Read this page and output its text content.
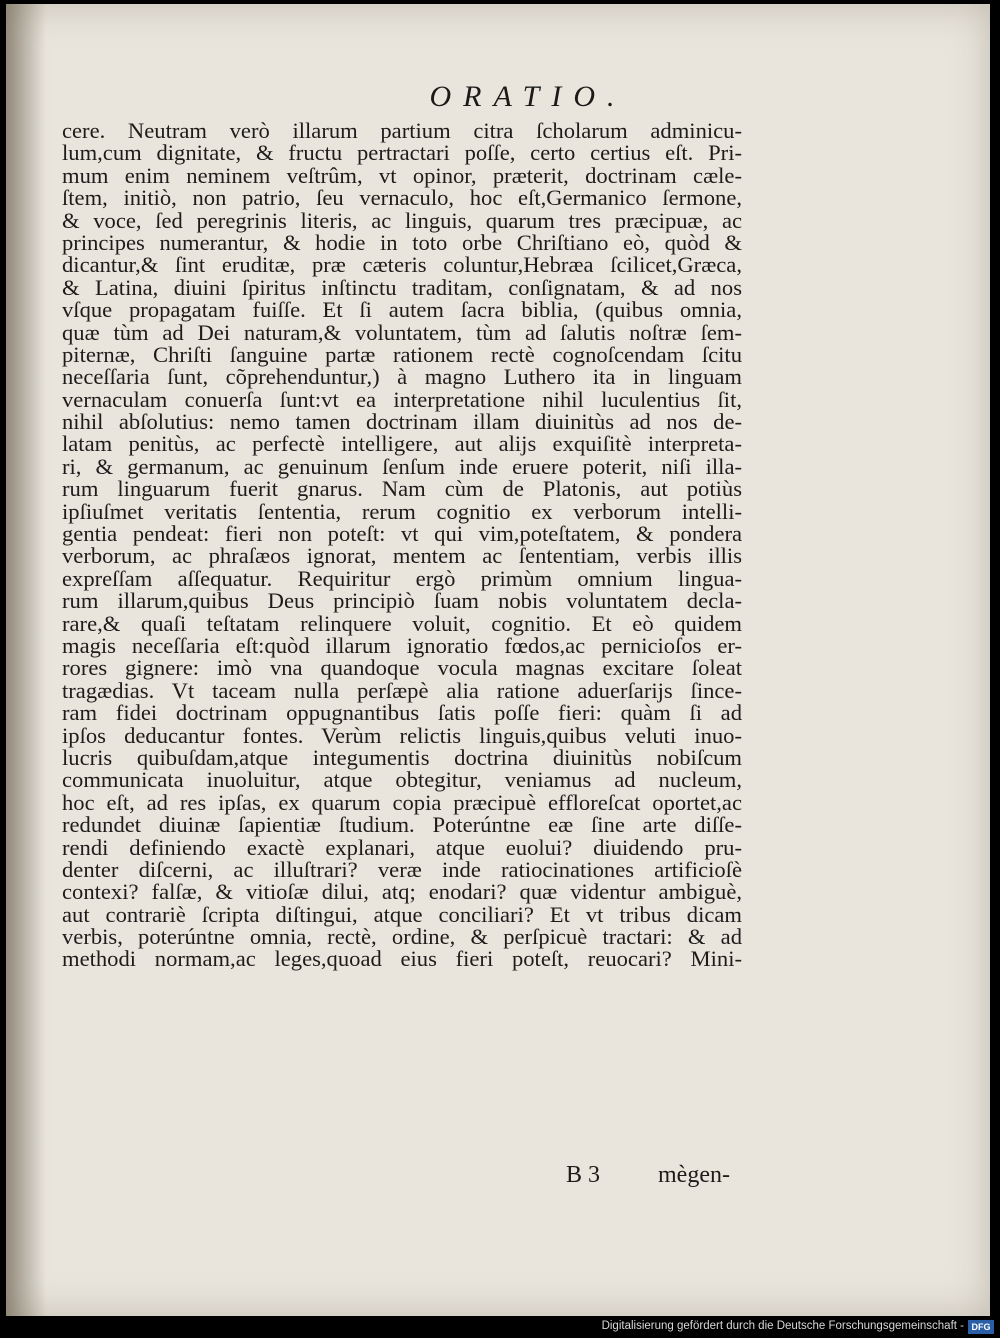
ORATIO.
cere. Neutram verò illarum partium citra ſcholarum adminicu-
lum,cum dignitate, & fructu pertractari poſſe, certo certius eſt. Pri-
mum enim neminem veſtrûm, vt opinor, præterit, doctrinam cæle-
ſtem, initiò, non patrio, ſeu vernaculo, hoc eſt,Germanico ſermone,
& voce, ſed peregrinis literis, ac linguis, quarum tres præcipuæ, ac
principes numerantur, & hodie in toto orbe Chriſtiano eò, quòd &
dicantur,& ſint eruditæ, præ cæteris coluntur,Hebræa ſcilicet,Græca,
& Latina, diuini ſpiritus inſtinctu traditam, conſignatam, & ad nos
vſque propagatam fuiſſe. Et ſi autem ſacra biblia, (quibus omnia,
quæ tùm ad Dei naturam,& voluntatem, tùm ad ſalutis noſtræ ſem-
piternæ, Chriſti ſanguine partæ rationem rectè cognoſcendam ſcitu
neceſſaria ſunt, cõprehenduntur,) à magno Luthero ita in linguam
vernaculam conuerſa ſunt:vt ea interpretatione nihil luculentius ſit,
nihil abſolutius: nemo tamen doctrinam illam diuinitùs ad nos de-
latam penitùs, ac perfectè intelligere, aut alijs exquiſitè interpreta-
ri, & germanum, ac genuinum ſenſum inde eruere poterit, niſi illa-
rum linguarum fuerit gnarus. Nam cùm de Platonis, aut potiùs
ipſiuſmet veritatis ſententia, rerum cognitio ex verborum intelli-
gentia pendeat: fieri non poteſt: vt qui vim,poteſtatem, & pondera
verborum, ac phraſæos ignorat, mentem ac ſententiam, verbis illis
expreſſam aſſequatur. Requiritur ergò primùm omnium lingua-
rum illarum,quibus Deus principiò ſuam nobis voluntatem decla-
rare,& quaſi teſtatam relinquere voluit, cognitio. Et eò quidem
magis neceſſaria eſt:quòd illarum ignoratio fœdos,ac pernicioſos er-
rores gignere: imò vna quandoque vocula magnas excitare ſoleat
tragædias. Vt taceam nulla perſæpè alia ratione aduerſarijs ſince-
ram fidei doctrinam oppugnantibus ſatis poſſe fieri: quàm ſi ad
ipſos deducantur fontes. Verùm relictis linguis,quibus veluti inuo-
lucris quibuſdam,atque integumentis doctrina diuinitùs nobiſcum
communicata inuoluitur, atque obtegitur, veniamus ad nucleum,
hoc eſt, ad res ipſas, ex quarum copia præcipuè effloreſcat oportet,ac
redundet diuinæ ſapientiæ ſtudium. Poterúntne eæ ſine arte diſſe-
rendi definiendo exactè explanari, atque euolui? diuidendo pru-
denter diſcerni, ac illuſtrari? veræ inde ratiocinationes artificioſè
contexi? falſæ, & vitioſæ dilui, atq; enodari? quæ videntur ambiguè,
aut contrariè ſcripta diſtingui, atque conciliari? Et vt tribus dicam
verbis, poterúntne omnia, rectè, ordine, & perſpicuè tractari: & ad
methodi normam,ac leges,quoad eius fieri poteſt, reuocari? Mini-
B 3 mègen-
Digitalisierung gefördert durch die Deutsche Forschungsgemeinschaft - DFG
